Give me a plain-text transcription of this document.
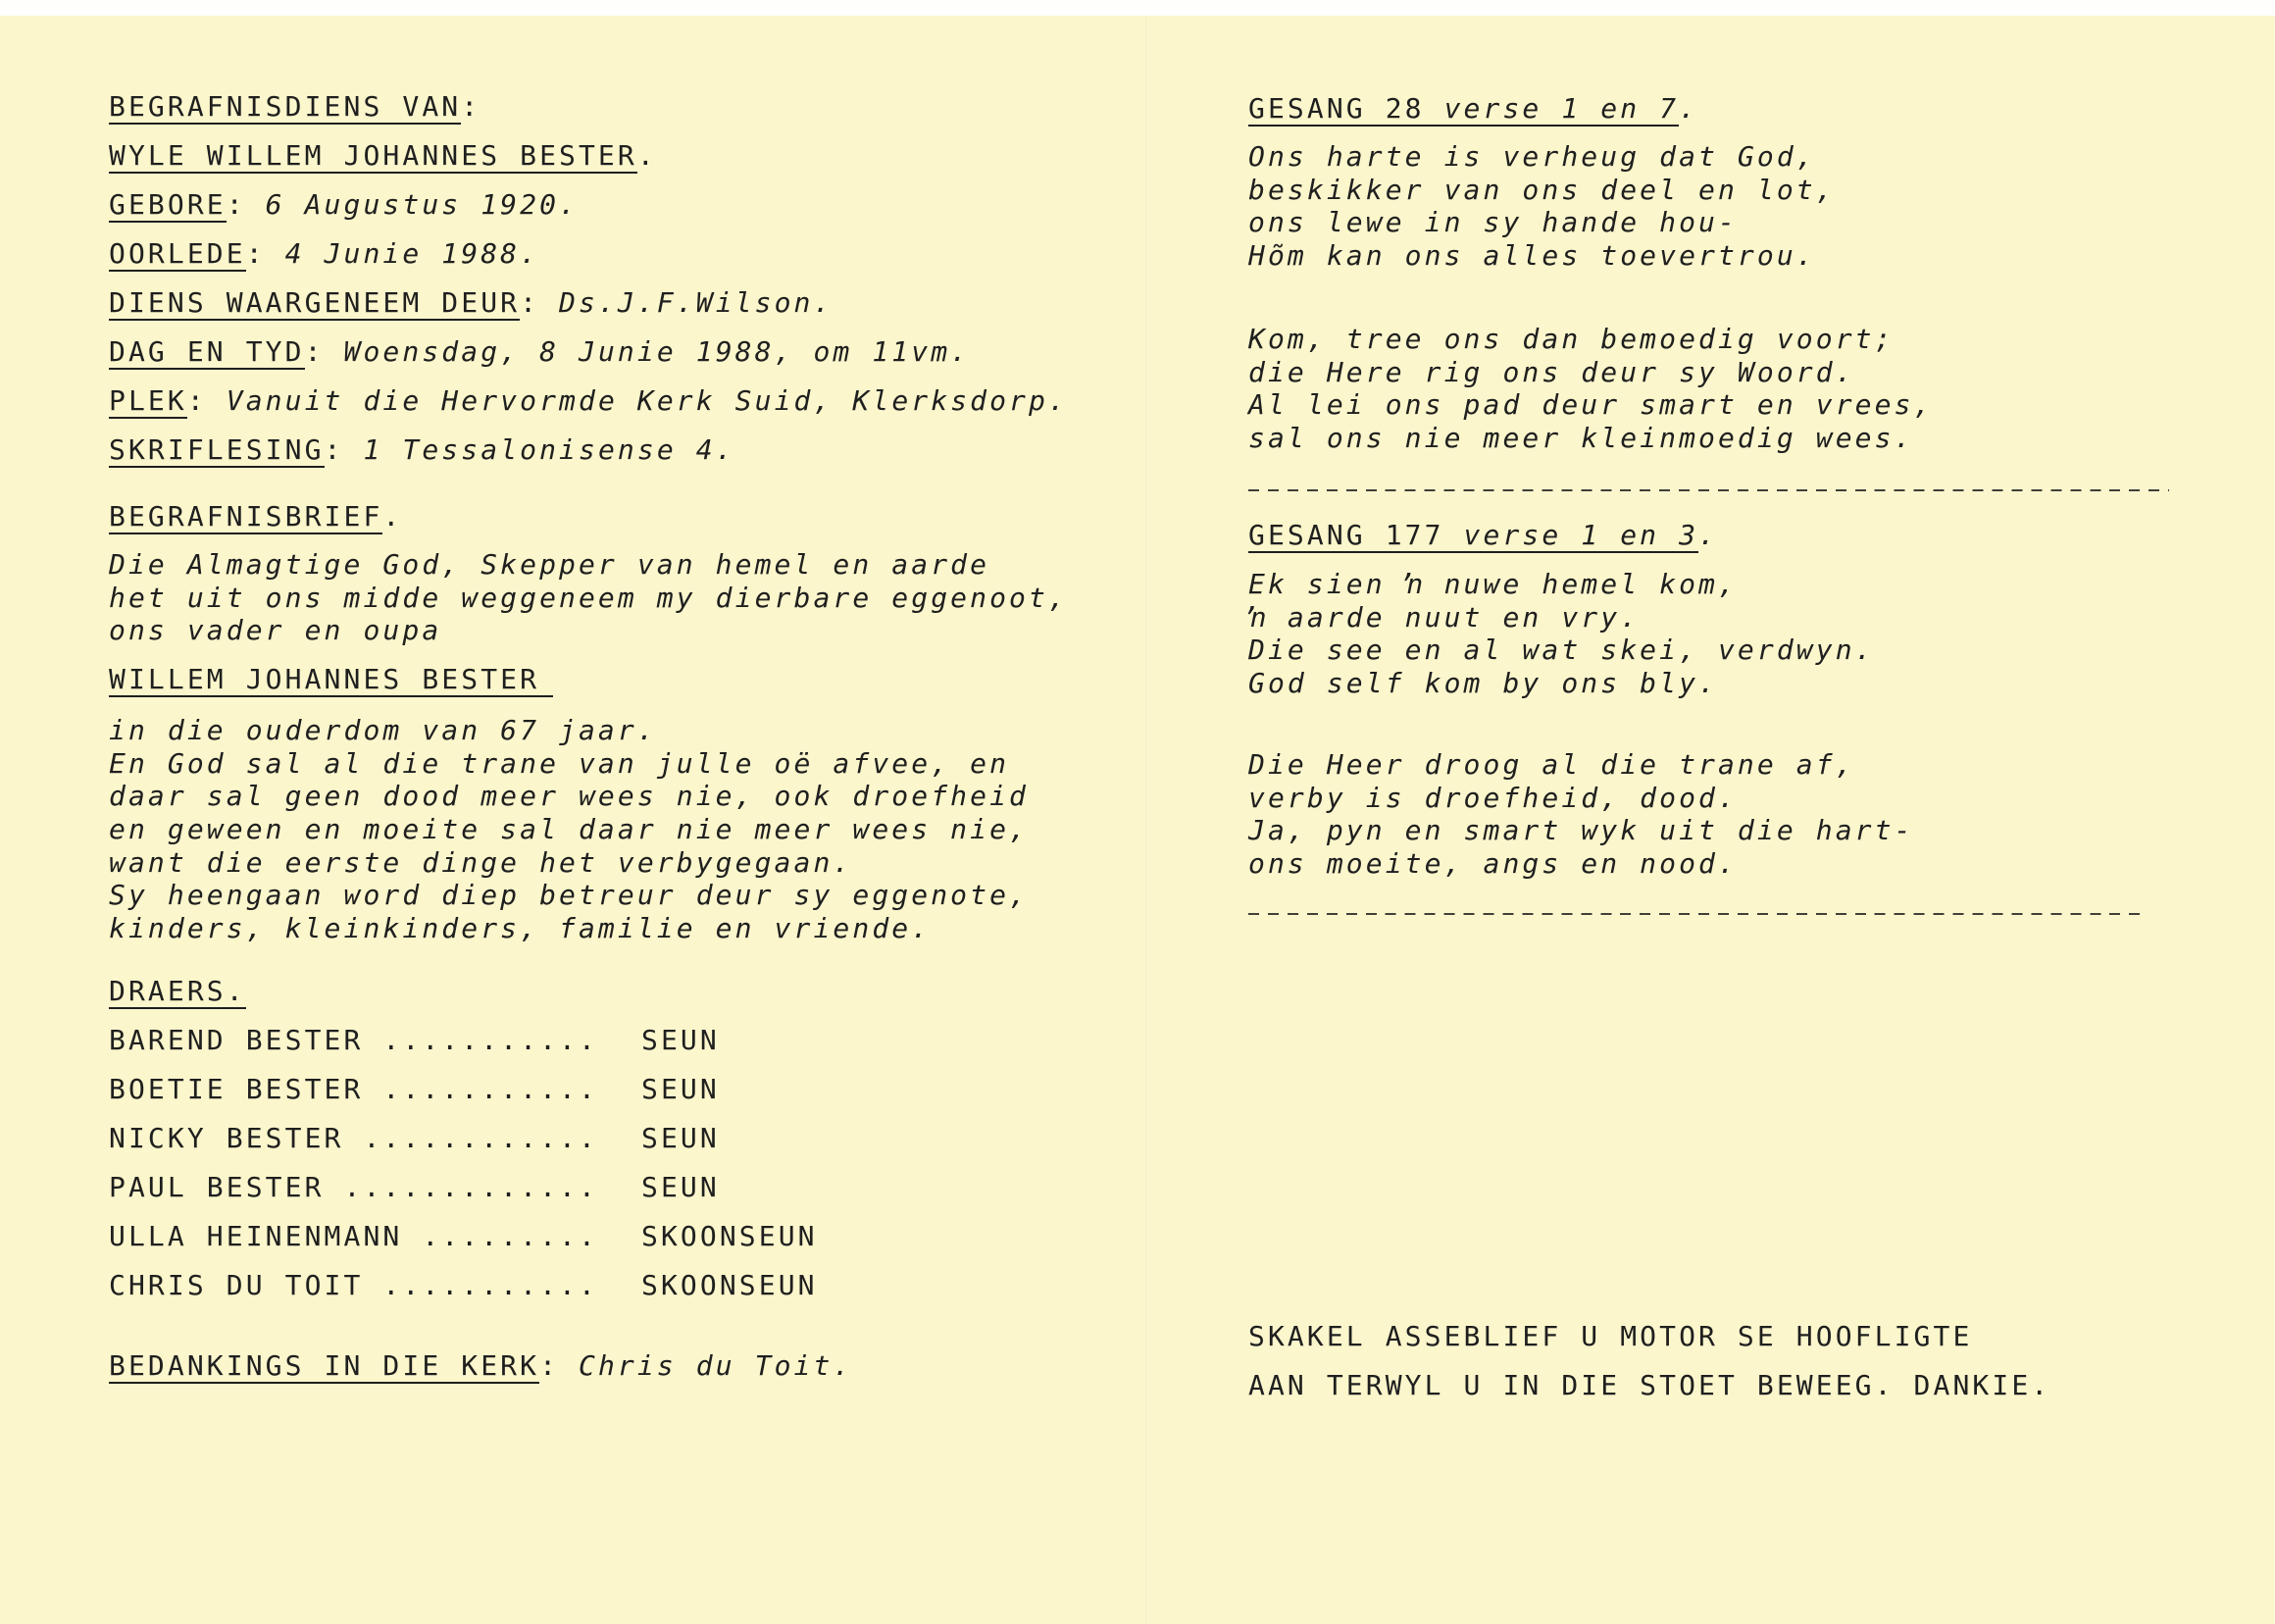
BEGRAFNISDIENS VAN:
WYLE WILLEM JOHANNES BESTER.
GEBORE: 6 Augustus 1920.
OORLEDE: 4 Junie 1988.
DIENS WAARGENEEM DEUR: Ds.J.F.Wilson.
DAG EN TYD: Woensdag, 8 Junie 1988, om 11vm.
PLEK: Vanuit die Hervormde Kerk Suid, Klerksdorp.
SKRIFLESING: 1 Tessalonisense 4.
BEGRAFNISBRIEF.
Die Almagtige God, Skepper van hemel en aarde
het uit ons midde weggeneem my dierbare eggenoot,
ons vader en oupa
WILLEM JOHANNES BESTER
in die ouderdom van 67 jaar.
En God sal al die trane van julle oë afvee, en
daar sal geen dood meer wees nie, ook droefheid
en geween en moeite sal daar nie meer wees nie,
want die eerste dinge het verbygegaan.
Sy heengaan word diep betreur deur sy eggenote,
kinders, kleinkinders, familie en vriende.
DRAERS.
BAREND BESTER ........... SEUN
BOETIE BESTER ........... SEUN
NICKY BESTER ............ SEUN
PAUL BESTER ............. SEUN
ULLA HEINENMANN ......... SKOONSEUN
CHRIS DU TOIT ........... SKOONSEUN
BEDANKINGS IN DIE KERK: Chris du Toit.
GESANG 28 verse 1 en 7.
Ons harte is verheug dat God,
beskikker van ons deel en lot,
ons lewe in sy hande hou-
Hõm kan ons alles toevertrou.
Kom, tree ons dan bemoedig voort;
die Here rig ons deur sy Woord.
Al lei ons pad deur smart en vrees,
sal ons nie meer kleinmoedig wees.
GESANG 177 verse 1 en 3.
Ek sien ŉ nuwe hemel kom,
ŉ aarde nuut en vry.
Die see en al wat skei, verdwyn.
God self kom by ons bly.
Die Heer droog al die trane af,
verby is droefheid, dood.
Ja, pyn en smart wyk uit die hart-
ons moeite, angs en nood.
SKAKEL ASSEBLIEF U MOTOR SE HOOFLIGTE
AAN TERWYL U IN DIE STOET BEWEEG. DANKIE.
